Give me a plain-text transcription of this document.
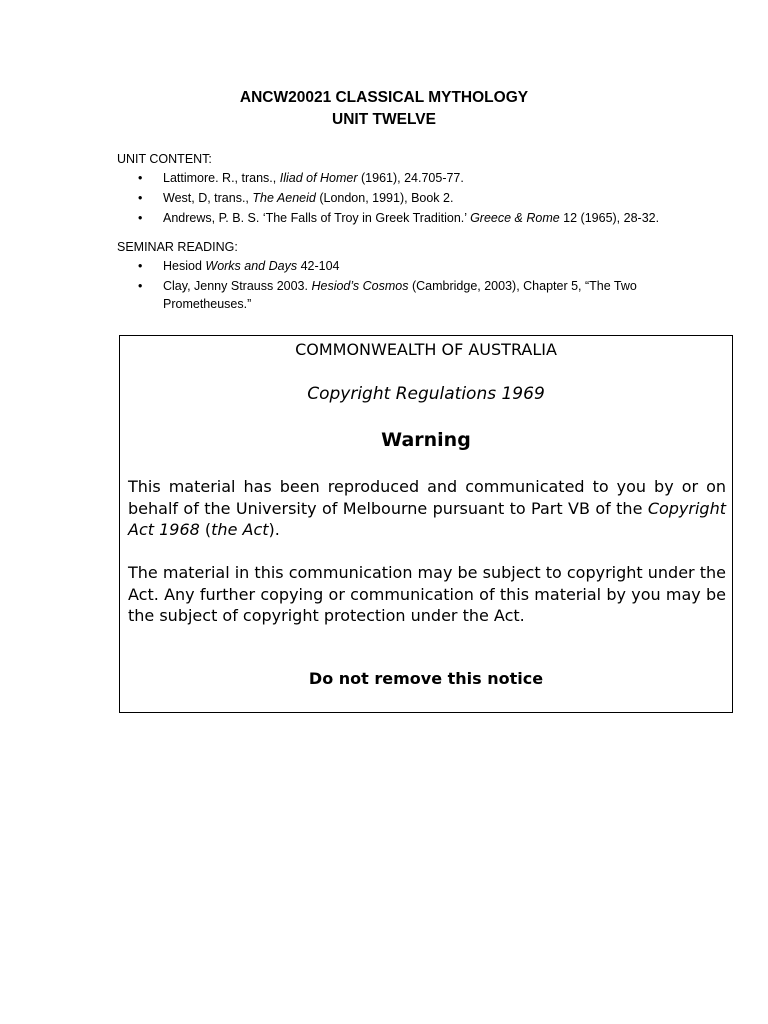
ANCW20021 CLASSICAL MYTHOLOGY
UNIT TWELVE
UNIT CONTENT:
• Lattimore. R., trans., Iliad of Homer (1961), 24.705-77.
• West, D, trans., The Aeneid (London, 1991), Book 2.
• Andrews, P. B. S. ‘The Falls of Troy in Greek Tradition.’ Greece & Rome 12 (1965), 28-32.
SEMINAR READING:
• Hesiod Works and Days 42-104
• Clay, Jenny Strauss 2003. Hesiod’s Cosmos (Cambridge, 2003), Chapter 5, “The Two Prometheuses.”
COMMONWEALTH OF AUSTRALIA
Copyright Regulations 1969
Warning
This material has been reproduced and communicated to you by or on behalf of the University of Melbourne pursuant to Part VB of the Copyright Act 1968 (the Act).
The material in this communication may be subject to copyright under the Act. Any further copying or communication of this material by you may be the subject of copyright protection under the Act.
Do not remove this notice
